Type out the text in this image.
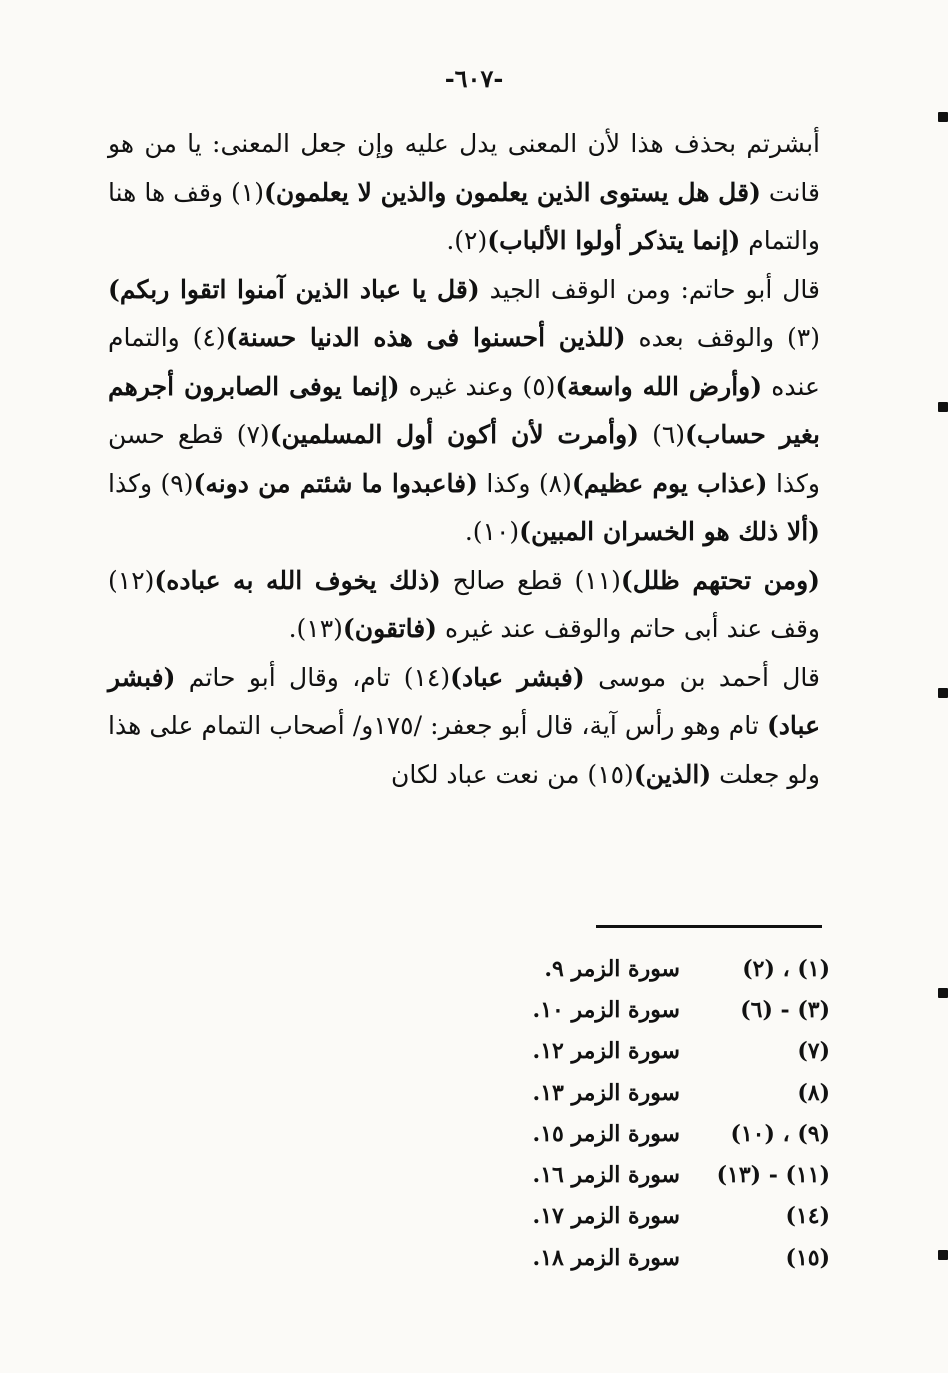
-٦٠٧-

أبشرتم بحذف هذا لأن المعنى يدل عليه وإن جعل المعنى: يا من هو قانت (قل هل يستوى الذين يعلمون والذين لا يعلمون)(١) وقف ها هنا والتمام (إنما يتذكر أولوا الألباب)(٢).

قال أبو حاتم: ومن الوقف الجيد (قل يا عباد الذين آمنوا اتقوا ربكم)(٣) والوقف بعده (للذين أحسنوا فى هذه الدنيا حسنة)(٤) والتمام عنده (وأرض الله واسعة)(٥) وعند غيره (إنما يوفى الصابرون أجرهم بغير حساب)(٦) (وأمرت لأن أكون أول المسلمين)(٧) قطع حسن وكذا (عذاب يوم عظيم)(٨) وكذا (فاعبدوا ما شئتم من دونه)(٩) وكذا (ألا ذلك هو الخسران المبين)(١٠).

(ومن تحتهم ظلل)(١١) قطع صالح (ذلك يخوف الله به عباده)(١٢) وقف عند أبى حاتم والوقف عند غيره (فاتقون)(١٣).

قال أحمد بن موسى (فبشر عباد)(١٤) تام، وقال أبو حاتم (فبشر عباد) تام وهو رأس آية، قال أبو جعفر: /١٧٥و/ أصحاب التمام على هذا ولو جعلت (الذين)(١٥) من نعت عباد لكان

(١) ، (٢)
سورة الزمر ٩.
(٣) - (٦)
سورة الزمر ١٠.
(٧)
سورة الزمر ١٢.
(٨)
سورة الزمر ١٣.
(٩) ، (١٠)
سورة الزمر ١٥.
(١١) - (١٣)
سورة الزمر ١٦.
(١٤)
سورة الزمر ١٧.
(١٥)
سورة الزمر ١٨.
